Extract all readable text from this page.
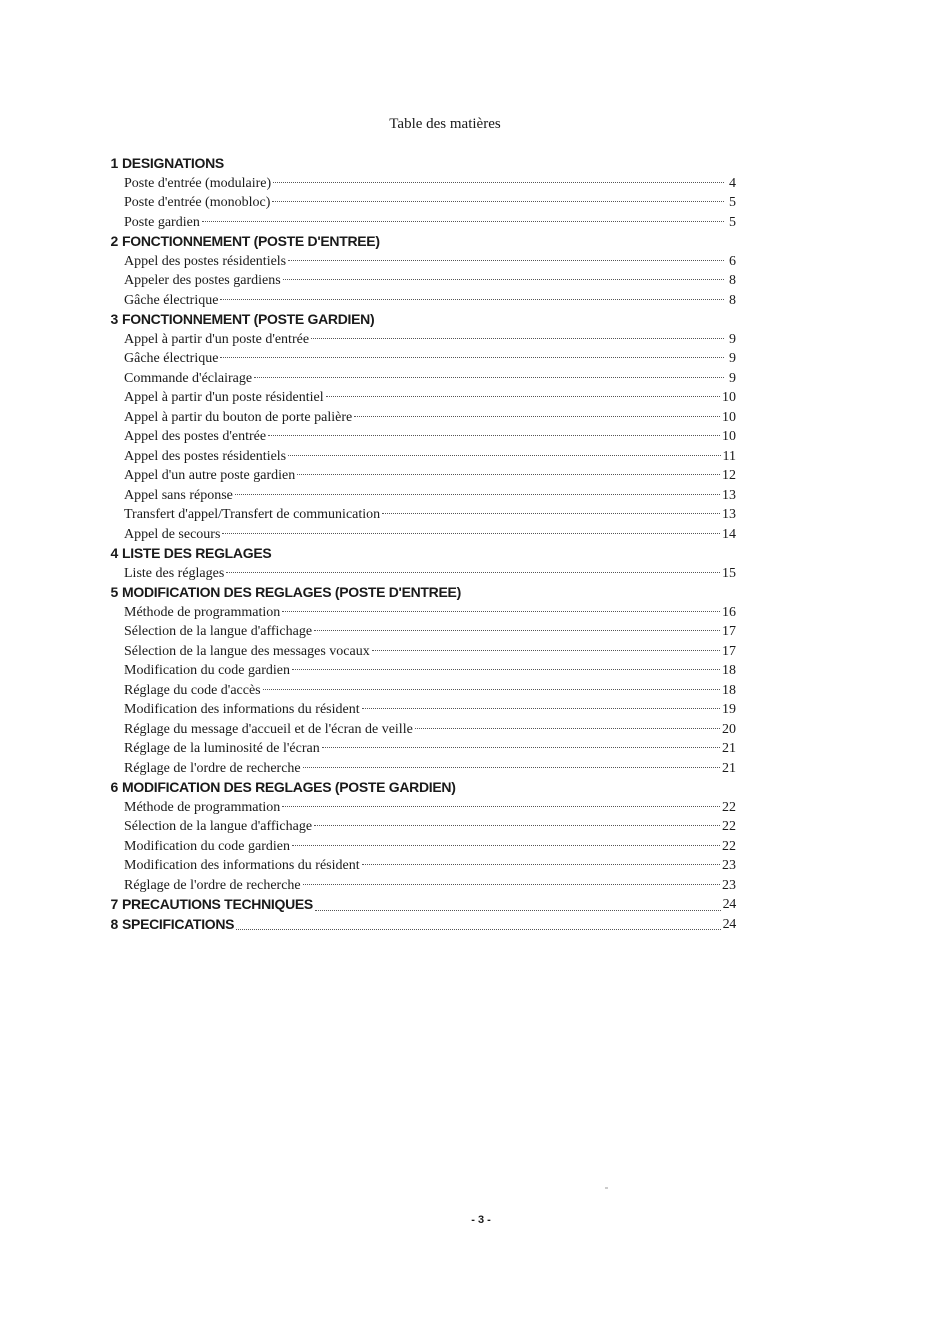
Table des matières
1 DESIGNATIONS
Poste d'entrée (modulaire)	4
Poste d'entrée (monobloc)	5
Poste gardien	5
2 FONCTIONNEMENT (POSTE D'ENTREE)
Appel des postes résidentiels	6
Appeler des postes gardiens	8
Gâche électrique	8
3 FONCTIONNEMENT (POSTE GARDIEN)
Appel à partir d'un poste d'entrée	9
Gâche électrique	9
Commande d'éclairage	9
Appel à partir d'un poste résidentiel	10
Appel à partir du bouton de porte palière	10
Appel des postes d'entrée	10
Appel des postes résidentiels	11
Appel d'un autre poste gardien	12
Appel sans réponse	13
Transfert d'appel/Transfert de communication	13
Appel de secours	14
4 LISTE DES REGLAGES
Liste des réglages	15
5 MODIFICATION DES REGLAGES (POSTE D'ENTREE)
Méthode de programmation	16
Sélection de la langue d'affichage	17
Sélection de la langue des messages vocaux	17
Modification du code gardien	18
Réglage du code d'accès	18
Modification des informations du résident	19
Réglage du message d'accueil et de l'écran de veille	20
Réglage de la luminosité de l'écran	21
Réglage de l'ordre de recherche	21
6 MODIFICATION DES REGLAGES (POSTE GARDIEN)
Méthode de programmation	22
Sélection de la langue d'affichage	22
Modification du code gardien	22
Modification des informations du résident	23
Réglage de l'ordre de recherche	23
7 PRECAUTIONS TECHNIQUES	24
8 SPECIFICATIONS	24
- 3 -
